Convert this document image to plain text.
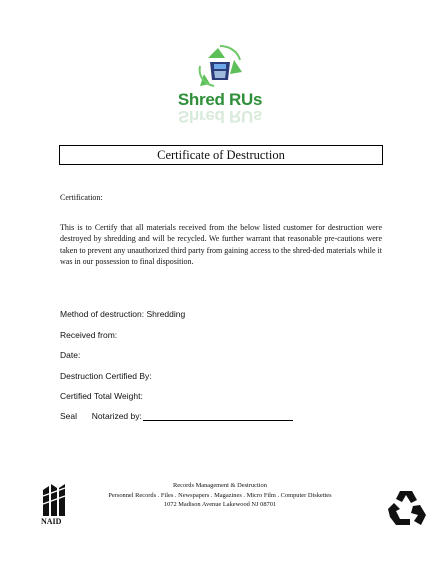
Shred RUs
Shred RUs
Certificate of Destruction
Certification:
This is to Certify that all materials received from the below listed customer for destruction were destroyed by shredding and will be recycled. We further warrant that reasonable pre-cautions were taken to prevent any unauthorized third party from gaining access to the shred-ded materials while it was in our possession to final disposition.
Method of destruction: Shredding
Received from:
Date:
Destruction Certified By:
Certified Total Weight:
Seal Notarized by:
NAID
Records Management & Destruction
Personnel Records . Files . Newspapers . Magazines . Micro Film . Computer Diskettes
1072 Madison Avenue Lakewood NJ 08701
